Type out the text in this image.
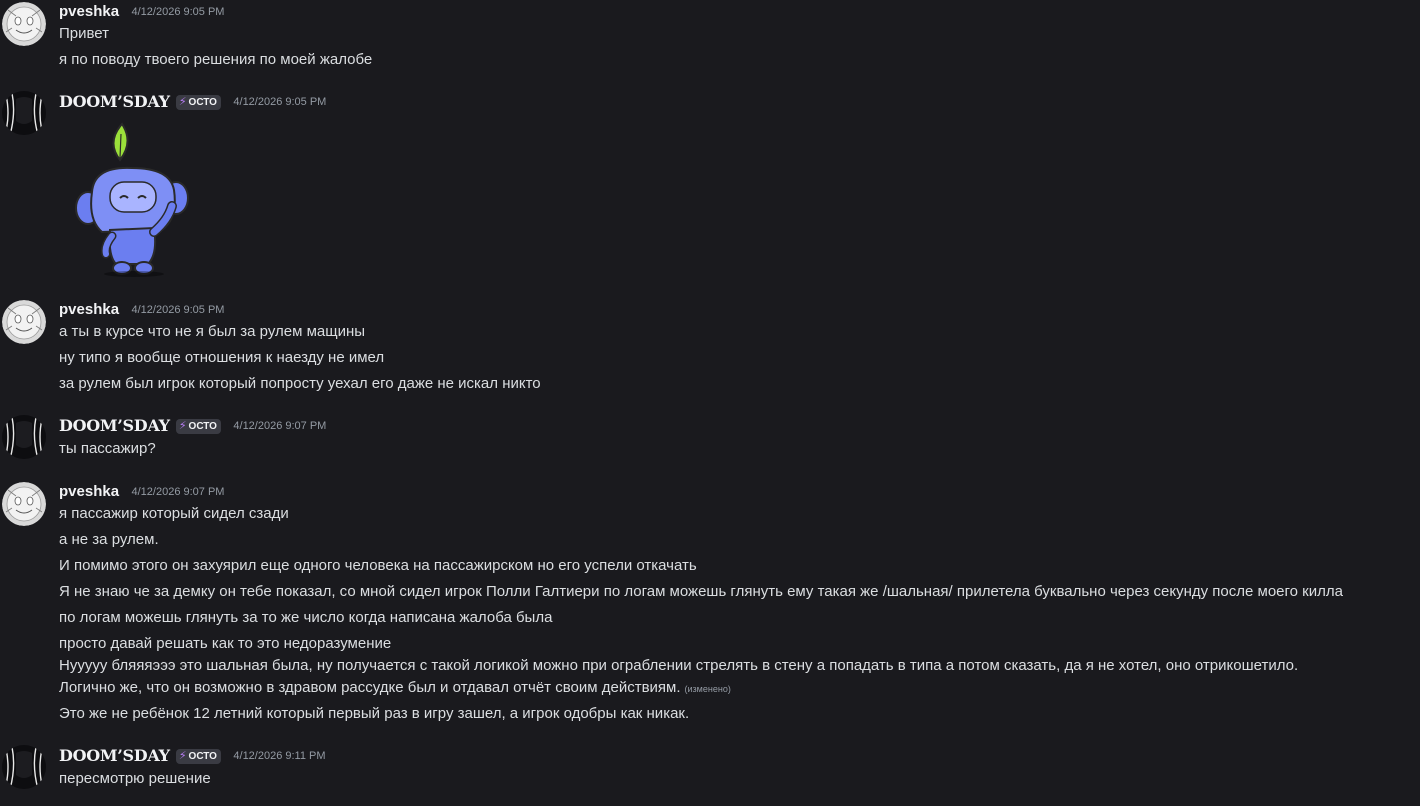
pveshka 4/12/2026 9:05 PM
Привет
я по поводу твоего решения по моей жалобе
DOOM’SDAY ⚡ ОСТО 4/12/2026 9:05 PM
pveshka 4/12/2026 9:05 PM
а ты в курсе что не я был за рулем мащины
ну типо я вообще отношения к наезду не имел
за рулем был игрок который попросту уехал его даже не искал никто
DOOM’SDAY ⚡ ОСТО 4/12/2026 9:07 PM
ты пассажир?
pveshka 4/12/2026 9:07 PM
я пассажир который сидел сзади
а не за рулем.
И помимо этого он захуярил еще одного человека на пассажирском но его успели откачать
Я не знаю че за демку он тебе показал, со мной сидел игрок Полли Галтиери по логам можешь глянуть ему такая же /шальная/ прилетела буквально через секунду после моего килла
по логам можешь глянуть за то же число когда написана жалоба была
просто давай решать как то это недоразумение
Нууууу бляяяэээ это шальная была, ну получается с такой логикой можно при ограблении стрелять в стену а попадать в типа а потом сказать, да я не хотел, оно отрикошетило.
Логично же, что он возможно в здравом рассудке был и отдавал отчёт своим действиям. (изменено)
Это же не ребёнок 12 летний который первый раз в игру зашел, а игрок одобры как никак.
DOOM’SDAY ⚡ ОСТО 4/12/2026 9:11 PM
пересмотрю решение
